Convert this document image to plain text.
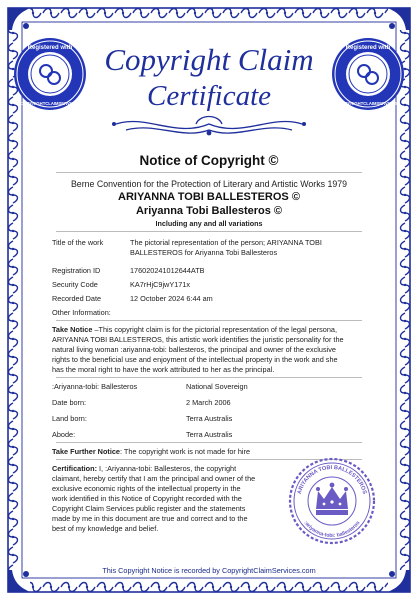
Registered with
COPYRIGHTCLAIMSERVICES
Registered with
COPYRIGHTCLAIMSERVICES
Copyright Claim
Certificate
Notice of Copyright ©
Berne Convention for the Protection of Literary and Artistic Works 1979
ARIYANNA TOBI BALLESTEROS ©
Ariyanna Tobi Ballesteros ©
Including any and all variations
Title of the work	The pictorial representation of the person; ARIYANNA TOBI
BALLESTEROS for Ariyanna Tobi Ballesteros
Registration ID	176020241012644ATB
Security Code	KA7rHjC9jwY171x
Recorded Date	12 October 2024 6:44 am
Other Information:
Take Notice –This copyright claim is for the pictorial representation of the legal persona,
ARIYANNA TOBI BALLESTEROS, this artistic work identifies the juristic personality for the
natural living woman :ariyanna-tobi: ballesteros, the principal and owner of the exclusive
rights to the beneficial use and enjoyment of the intellectual property in the work and she
has the moral right to have the work attributed to her as the principal.
:Ariyanna-tobi: Ballesteros	National Sovereign
Date born:	2 March 2006
Land born:	Terra Australis
Abode:	Terra Australis
Take Further Notice: The copyright work is not made for hire
Certification: I, :Ariyanna-tobi: Ballesteros, the copyright
claimant, hereby certify that I am the principal and owner of the
exclusive economic rights of the intellectual property in the
work identified in this Notice of Copyright recorded with the
Copyright Claim Services public register and the statements
made by me in this document are true and correct and to the
best of my knowledge and belief.
ARIYANNA TOBI BALLESTEROS
:ariyanna-tobi: ballesteros
This Copyright Notice is recorded by CopyrightClaimServices.com
